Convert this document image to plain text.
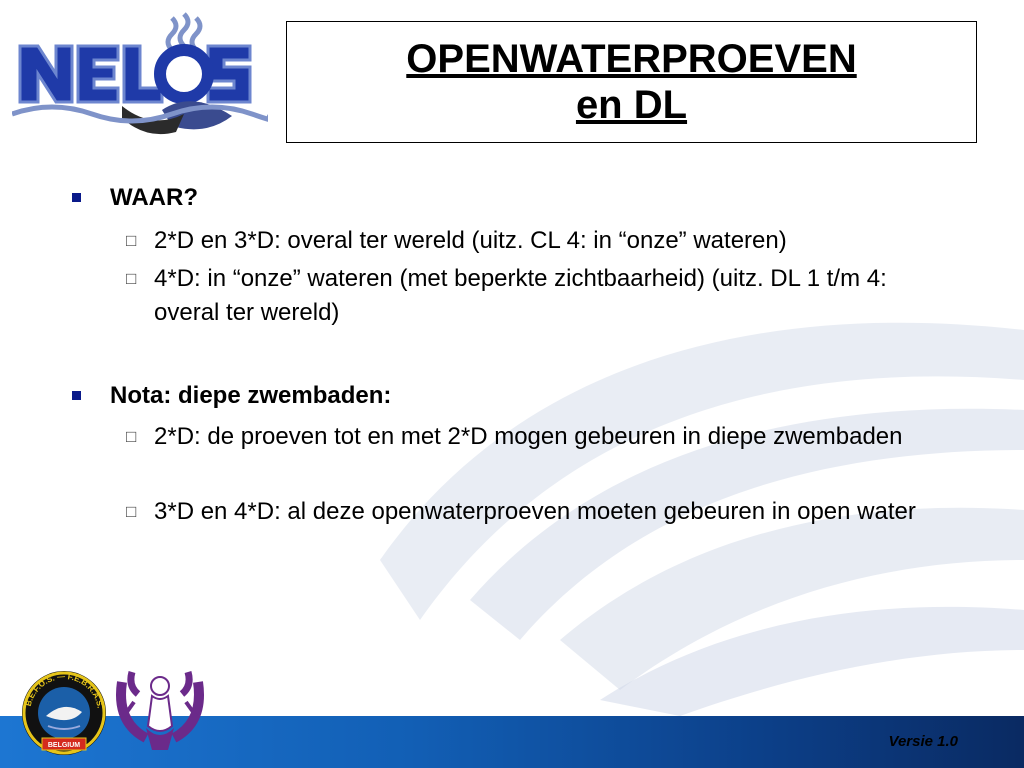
OPENWATERPROEVEN
en DL
WAAR?
□ 2*D en 3*D: overal ter wereld (uitz. CL 4: in “onze” wateren)
□ 4*D: in “onze” wateren (met beperkte zichtbaarheid) (uitz. DL 1 t/m 4: overal ter wereld)
Nota: diepe zwembaden:
□ 2*D: de proeven tot en met 2*D mogen gebeuren in diepe zwembaden
□ 3*D en 4*D: al deze openwaterproeven moeten gebeuren in open water
Versie 1.0
B.E.F.O.S. — F.E.B.R.A.S.
BELGIUM
